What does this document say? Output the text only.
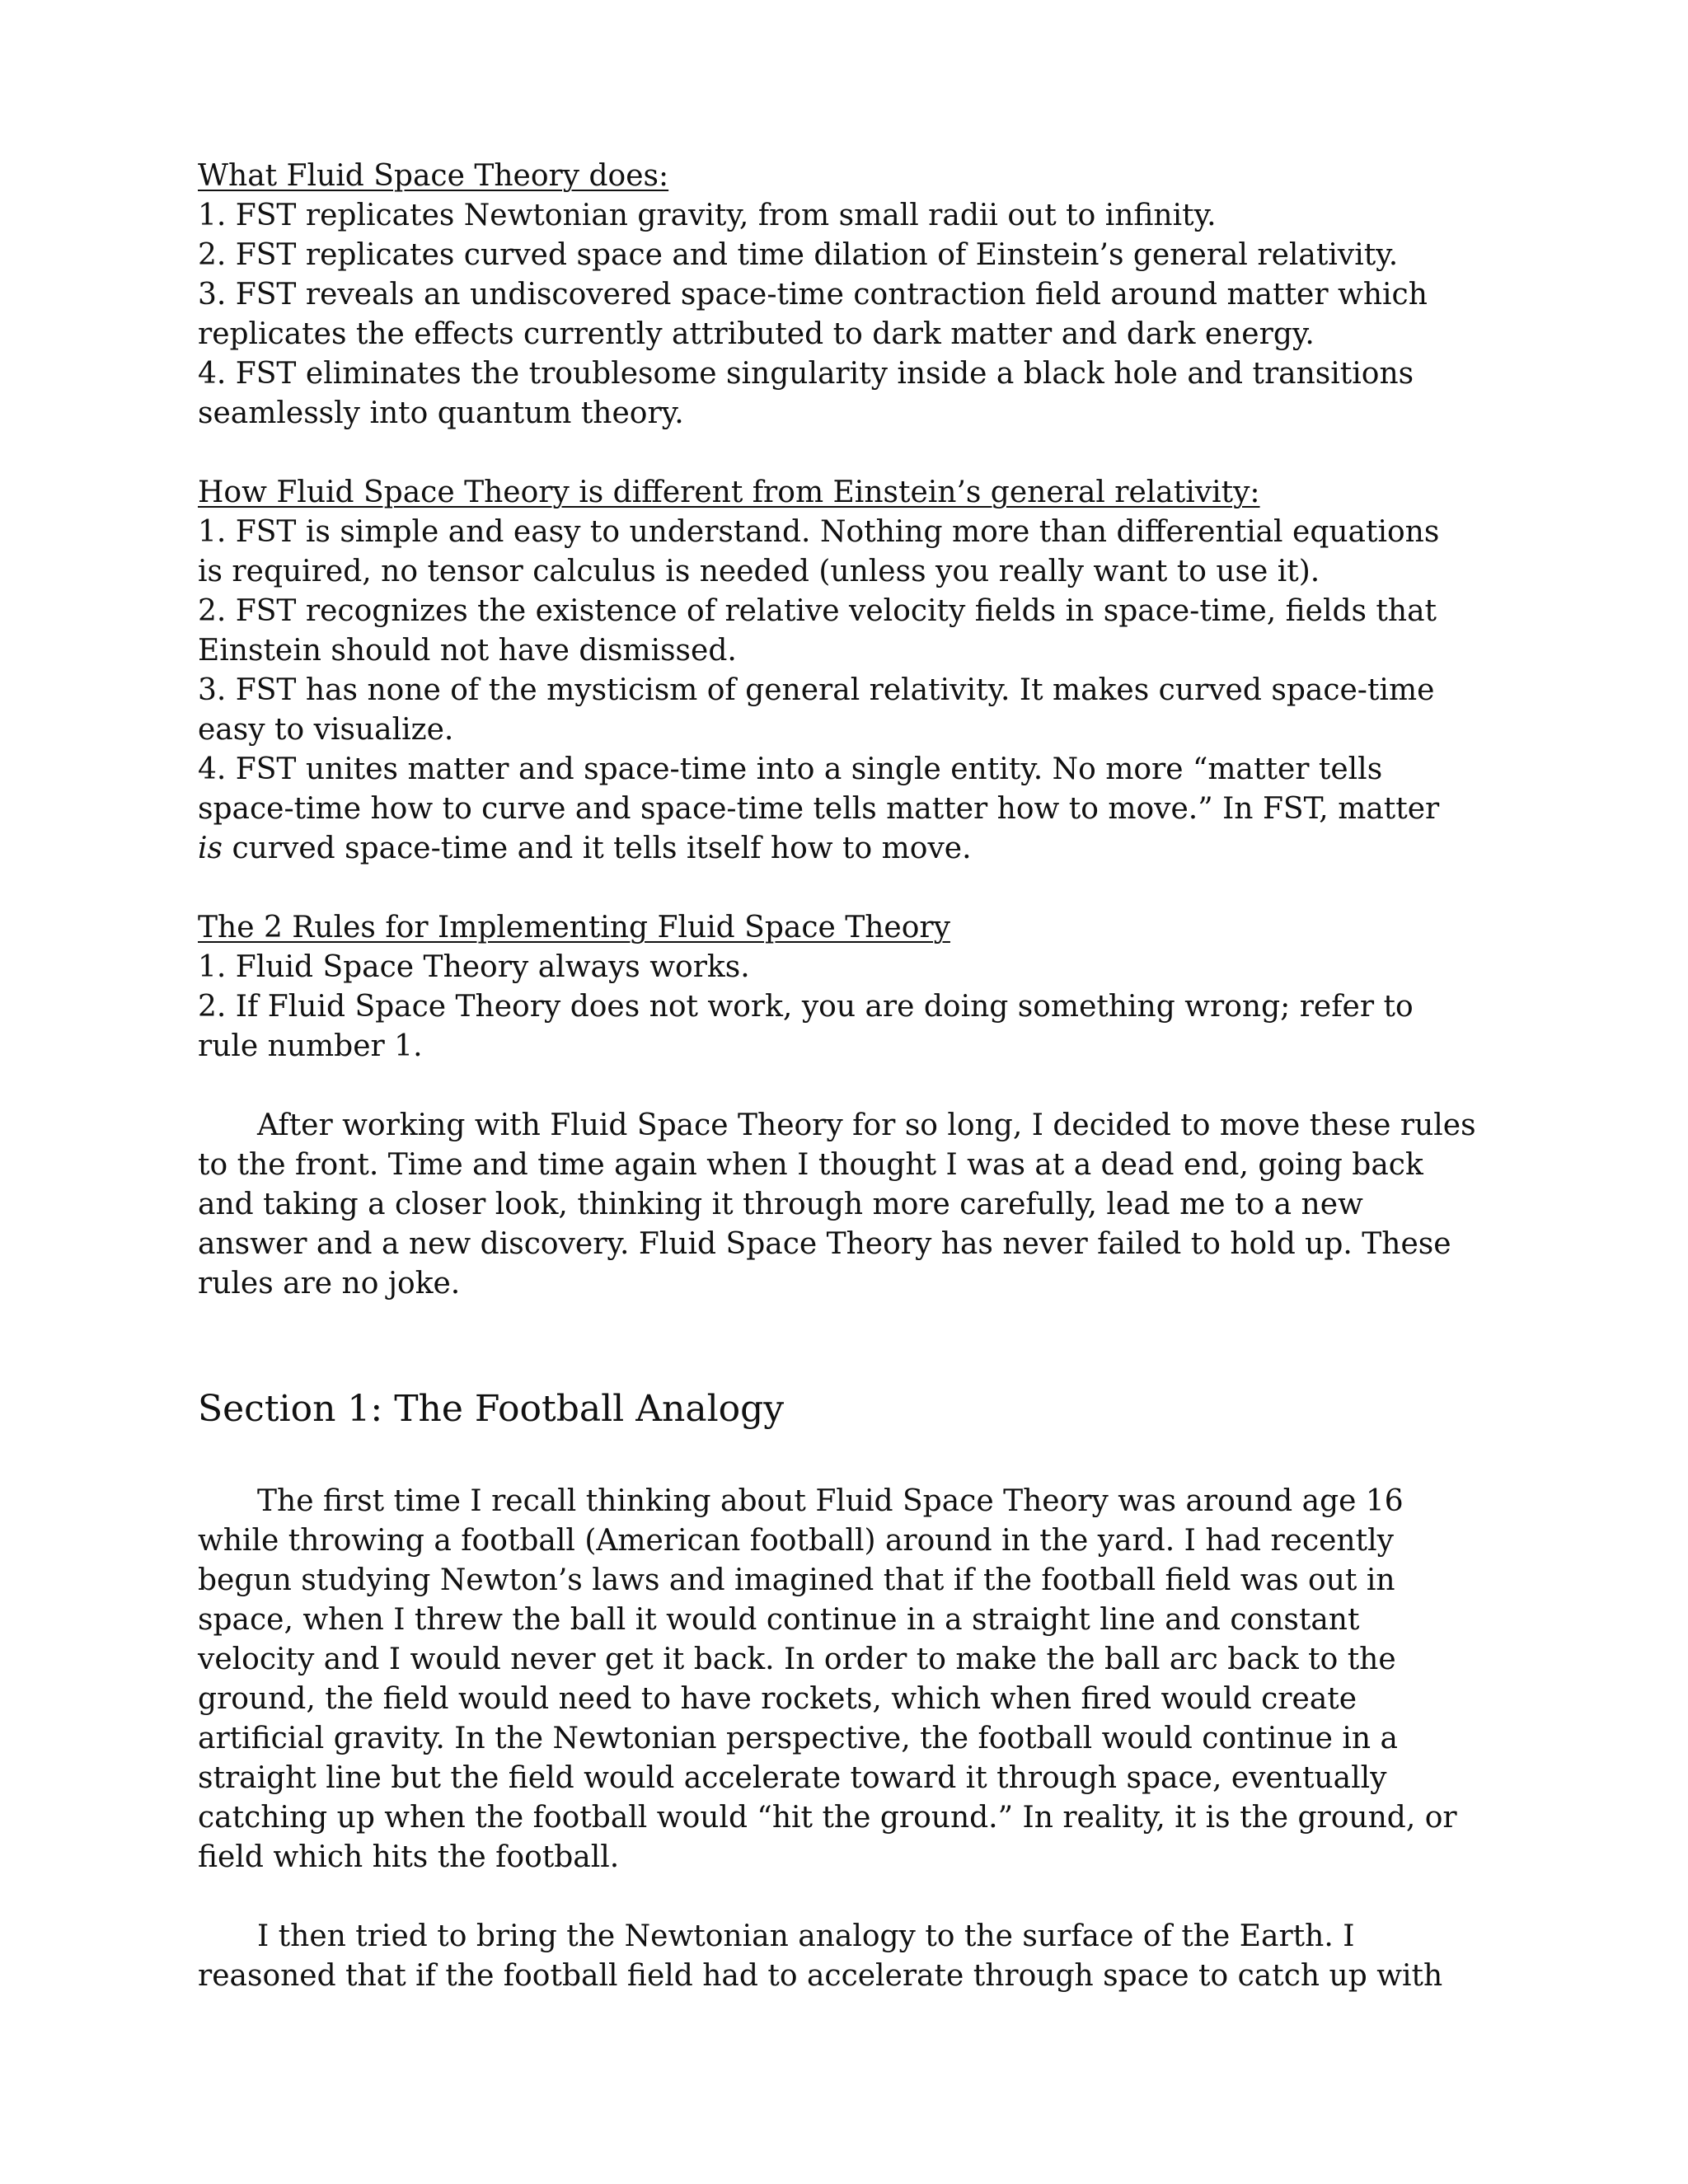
What Fluid Space Theory does:
1. FST replicates Newtonian gravity, from small radii out to infinity.
2. FST replicates curved space and time dilation of Einstein’s general relativity.
3. FST reveals an undiscovered space-time contraction field around matter which
replicates the effects currently attributed to dark matter and dark energy.
4. FST eliminates the troublesome singularity inside a black hole and transitions
seamlessly into quantum theory.
How Fluid Space Theory is different from Einstein’s general relativity:
1. FST is simple and easy to understand. Nothing more than differential equations
is required, no tensor calculus is needed (unless you really want to use it).
2. FST recognizes the existence of relative velocity fields in space-time, fields that
Einstein should not have dismissed.
3. FST has none of the mysticism of general relativity. It makes curved space-time
easy to visualize.
4. FST unites matter and space-time into a single entity. No more “matter tells
space-time how to curve and space-time tells matter how to move.” In FST, matter
is curved space-time and it tells itself how to move.
The 2 Rules for Implementing Fluid Space Theory
1. Fluid Space Theory always works.
2. If Fluid Space Theory does not work, you are doing something wrong; refer to
rule number 1.
After working with Fluid Space Theory for so long, I decided to move these rules
to the front. Time and time again when I thought I was at a dead end, going back
and taking a closer look, thinking it through more carefully, lead me to a new
answer and a new discovery. Fluid Space Theory has never failed to hold up. These
rules are no joke.
Section 1: The Football Analogy
The first time I recall thinking about Fluid Space Theory was around age 16
while throwing a football (American football) around in the yard. I had recently
begun studying Newton’s laws and imagined that if the football field was out in
space, when I threw the ball it would continue in a straight line and constant
velocity and I would never get it back. In order to make the ball arc back to the
ground, the field would need to have rockets, which when fired would create
artificial gravity. In the Newtonian perspective, the football would continue in a
straight line but the field would accelerate toward it through space, eventually
catching up when the football would “hit the ground.” In reality, it is the ground, or
field which hits the football.
I then tried to bring the Newtonian analogy to the surface of the Earth. I
reasoned that if the football field had to accelerate through space to catch up with
